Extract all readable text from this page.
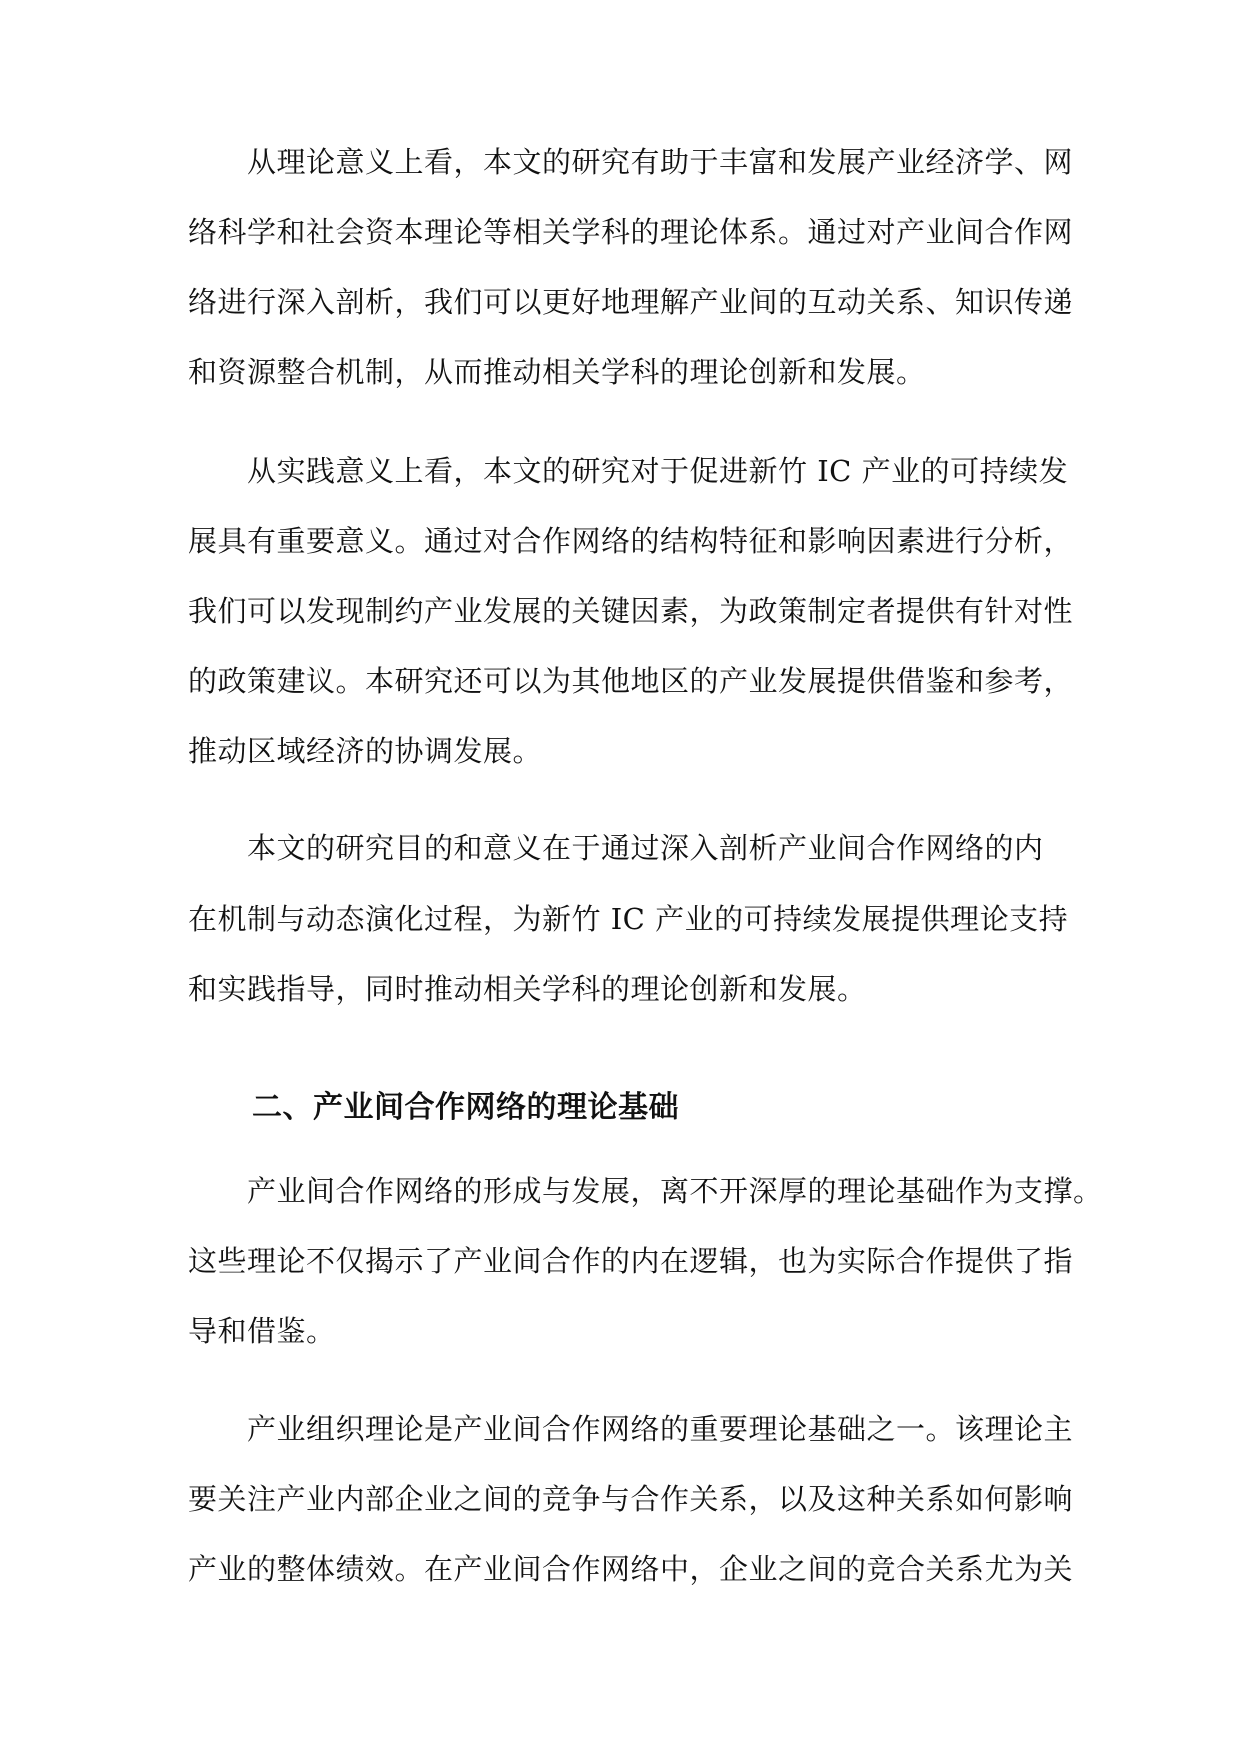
从理论意义上看，本文的研究有助于丰富和发展产业经济学、网
络科学和社会资本理论等相关学科的理论体系。通过对产业间合作网
络进行深入剖析，我们可以更好地理解产业间的互动关系、知识传递
和资源整合机制，从而推动相关学科的理论创新和发展。
从实践意义上看，本文的研究对于促进新竹 IC 产业的可持续发
展具有重要意义。通过对合作网络的结构特征和影响因素进行分析，
我们可以发现制约产业发展的关键因素，为政策制定者提供有针对性
的政策建议。本研究还可以为其他地区的产业发展提供借鉴和参考，
推动区域经济的协调发展。
本文的研究目的和意义在于通过深入剖析产业间合作网络的内
在机制与动态演化过程，为新竹 IC 产业的可持续发展提供理论支持
和实践指导，同时推动相关学科的理论创新和发展。
二、产业间合作网络的理论基础
产业间合作网络的形成与发展，离不开深厚的理论基础作为支撑。
这些理论不仅揭示了产业间合作的内在逻辑，也为实际合作提供了指
导和借鉴。
产业组织理论是产业间合作网络的重要理论基础之一。该理论主
要关注产业内部企业之间的竞争与合作关系，以及这种关系如何影响
产业的整体绩效。在产业间合作网络中，企业之间的竞合关系尤为关
